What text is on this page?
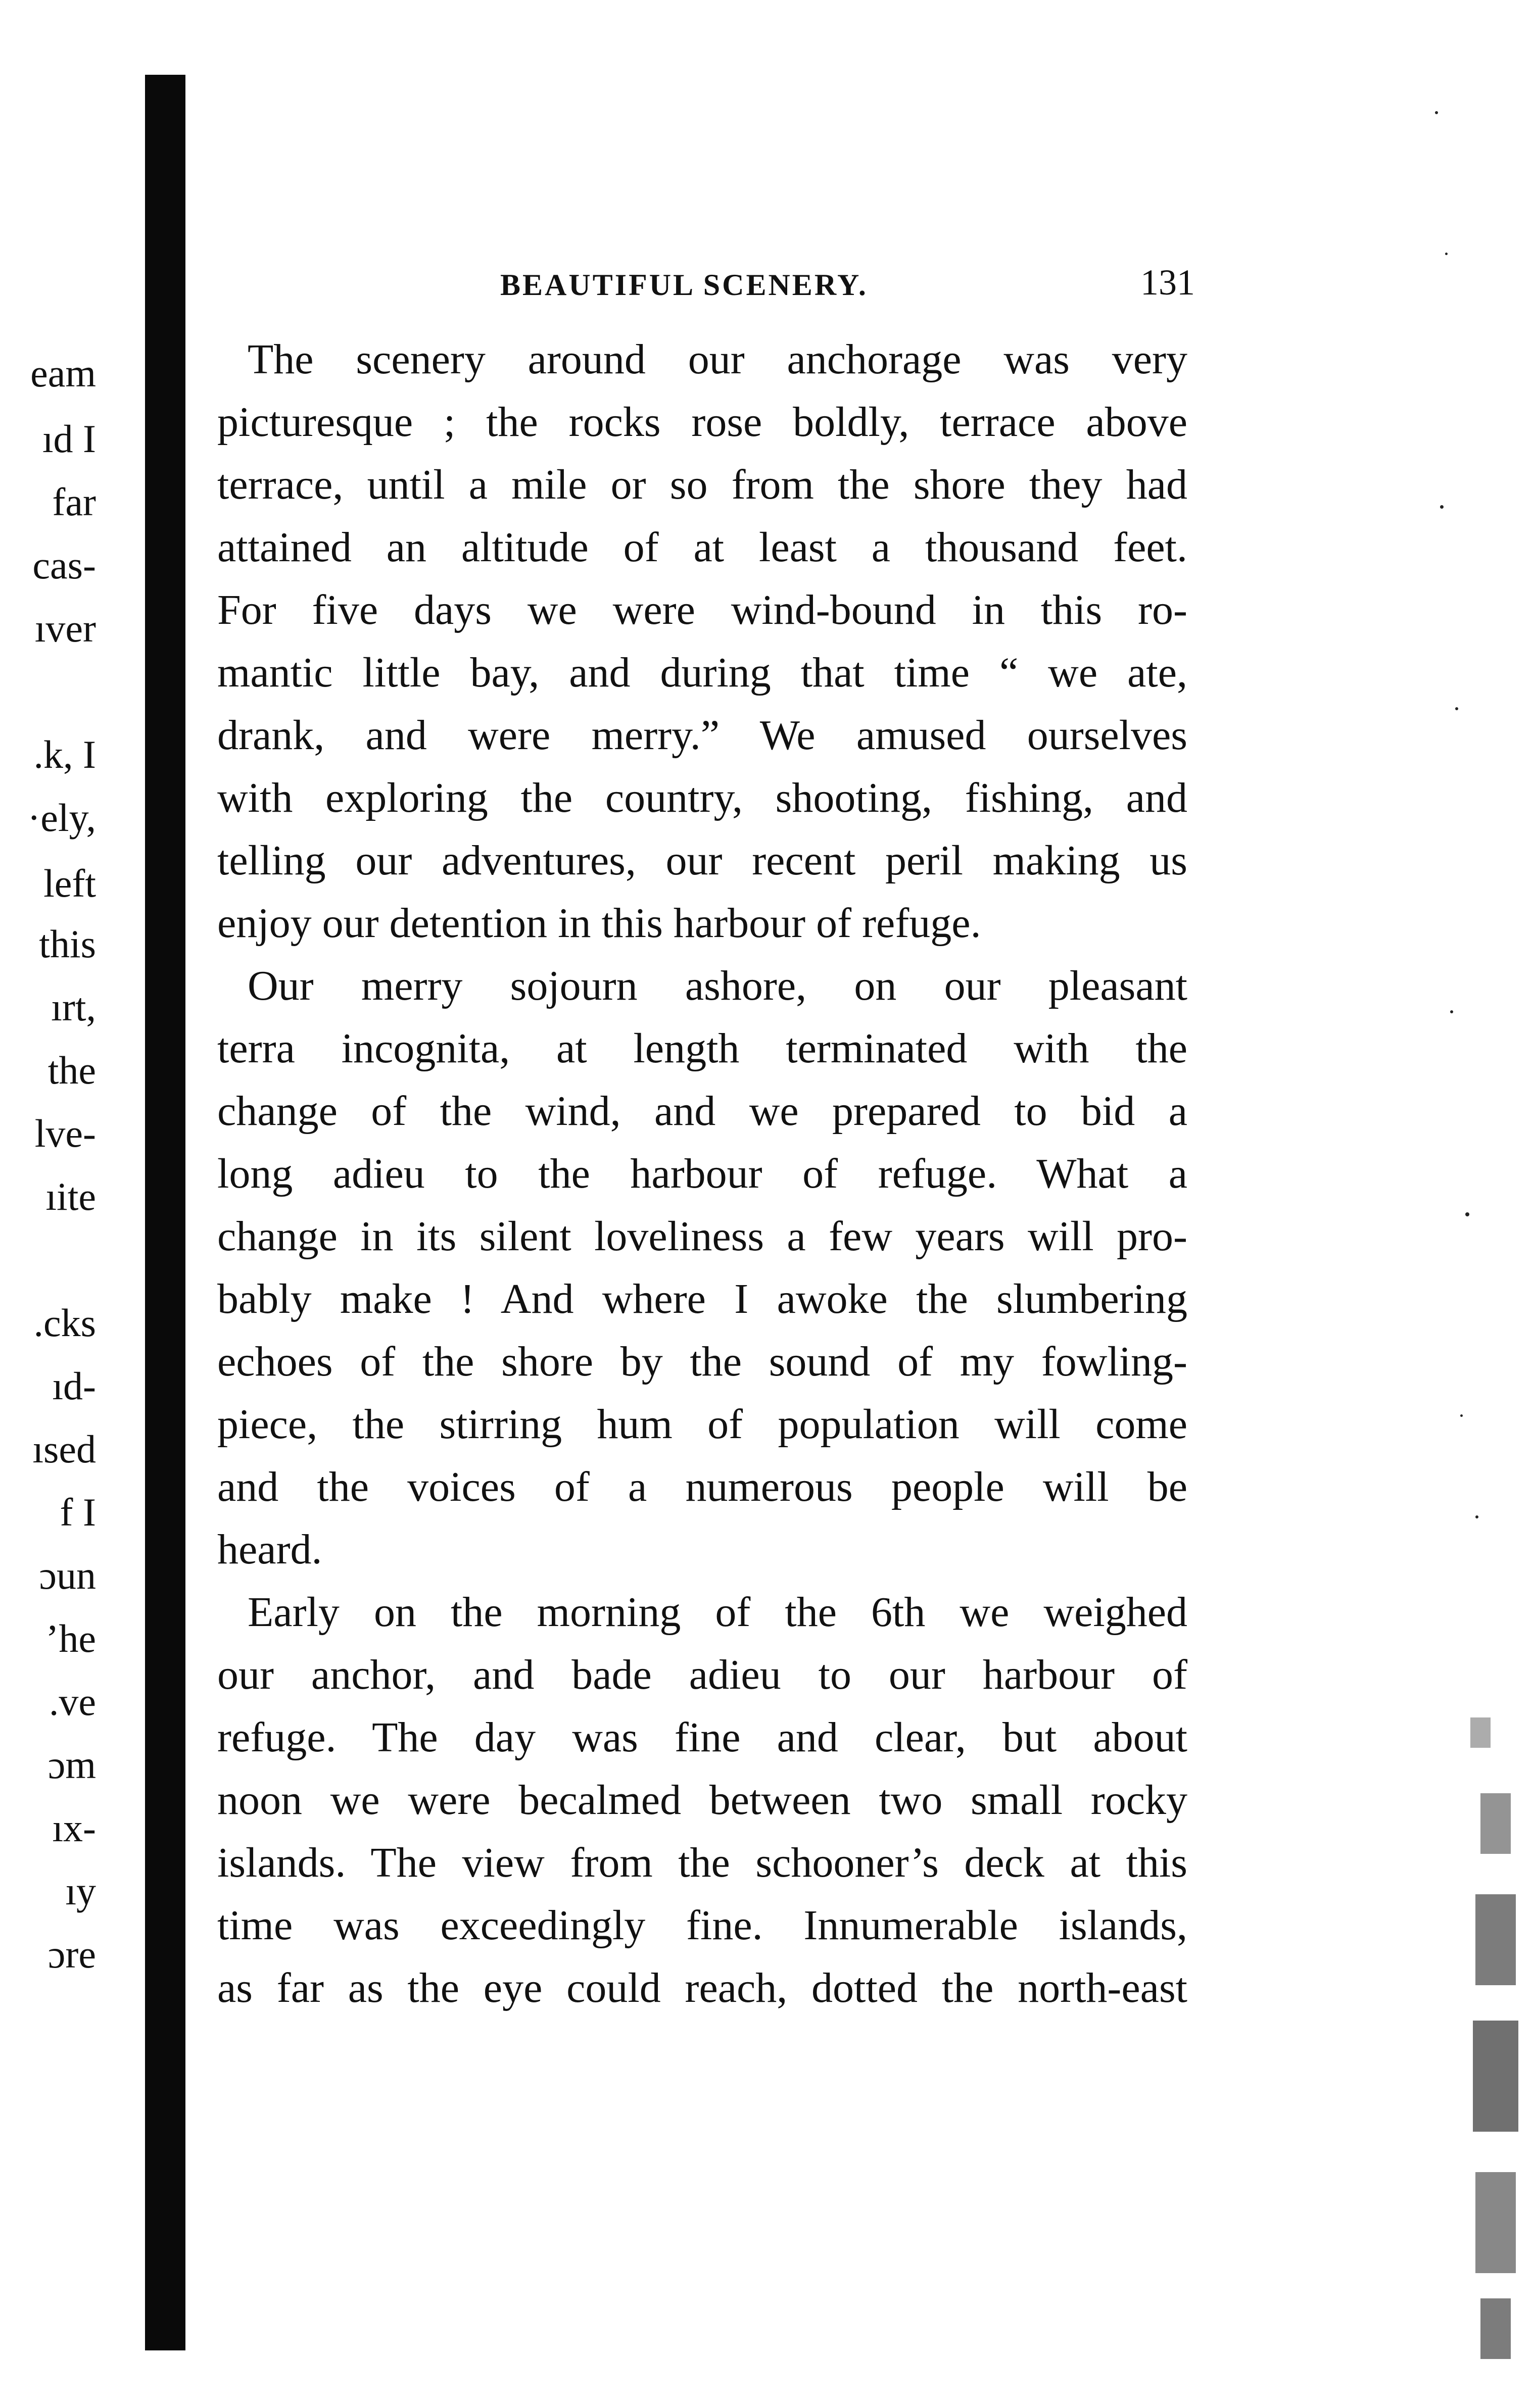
eam
ıd I
far
cas-
ıver
.k, I
·ely,
left
this
ırt,
the
lve-
ıite
.cks
ıd-
ısed
f I
ɔun
ʼhe
.ve
ɔm
ıx-
ıy
ɔre
BEAUTIFUL SCENERY.	131
The scenery around our anchorage was very
picturesque ; the rocks rose boldly, terrace above
terrace, until a mile or so from the shore they had
attained an altitude of at least a thousand feet.
For five days we were wind-bound in this ro-
mantic little bay, and during that time “ we ate,
drank, and were merry.” We amused ourselves
with exploring the country, shooting, fishing, and
telling our adventures, our recent peril making us
enjoy our detention in this harbour of refuge.
Our merry sojourn ashore, on our pleasant
terra incognita, at length terminated with the
change of the wind, and we prepared to bid a
long adieu to the harbour of refuge. What a
change in its silent loveliness a few years will pro-
bably make ! And where I awoke the slumbering
echoes of the shore by the sound of my fowling-
piece, the stirring hum of population will come
and the voices of a numerous people will be
heard.
Early on the morning of the 6th we weighed
our anchor, and bade adieu to our harbour of
refuge. The day was fine and clear, but about
noon we were becalmed between two small rocky
islands. The view from the schooner’s deck at this
time was exceedingly fine. Innumerable islands,
as far as the eye could reach, dotted the north-east
